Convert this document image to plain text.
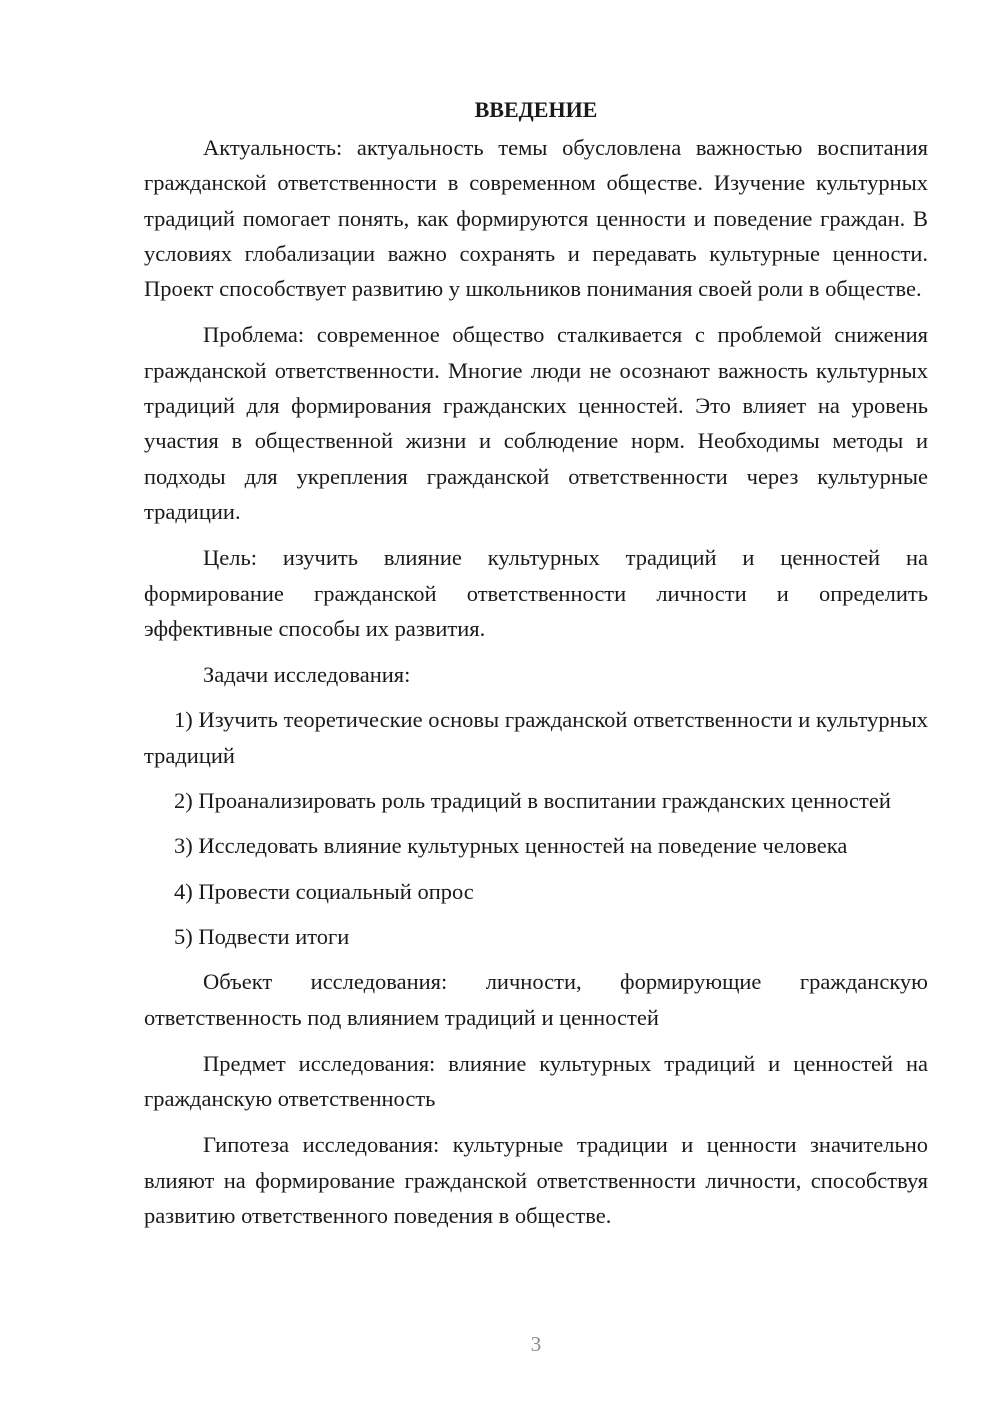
ВВЕДЕНИЕ

Актуальность: актуальность темы обусловлена важностью воспитания гражданской ответственности в современном обществе. Изучение культурных традиций помогает понять, как формируются ценности и поведение граждан. В условиях глобализации важно сохранять и передавать культурные ценности. Проект способствует развитию у школьников понимания своей роли в обществе.

Проблема: современное общество сталкивается с проблемой снижения гражданской ответственности. Многие люди не осознают важность культурных традиций для формирования гражданских ценностей. Это влияет на уровень участия в общественной жизни и соблюдение норм. Необходимы методы и подходы для укрепления гражданской ответственности через культурные традиции.

Цель: изучить влияние культурных традиций и ценностей на формирование гражданской ответственности личности и определить эффективные способы их развития.

Задачи исследования:

1) Изучить теоретические основы гражданской ответственности и культурных традиций

2) Проанализировать роль традиций в воспитании гражданских ценностей

3) Исследовать влияние культурных ценностей на поведение человека

4) Провести социальный опрос

5) Подвести итоги

Объект исследования: личности, формирующие гражданскую ответственность под влиянием традиций и ценностей

Предмет исследования: влияние культурных традиций и ценностей на гражданскую ответственность

Гипотеза исследования: культурные традиции и ценности значительно влияют на формирование гражданской ответственности личности, способствуя развитию ответственного поведения в обществе.

3
